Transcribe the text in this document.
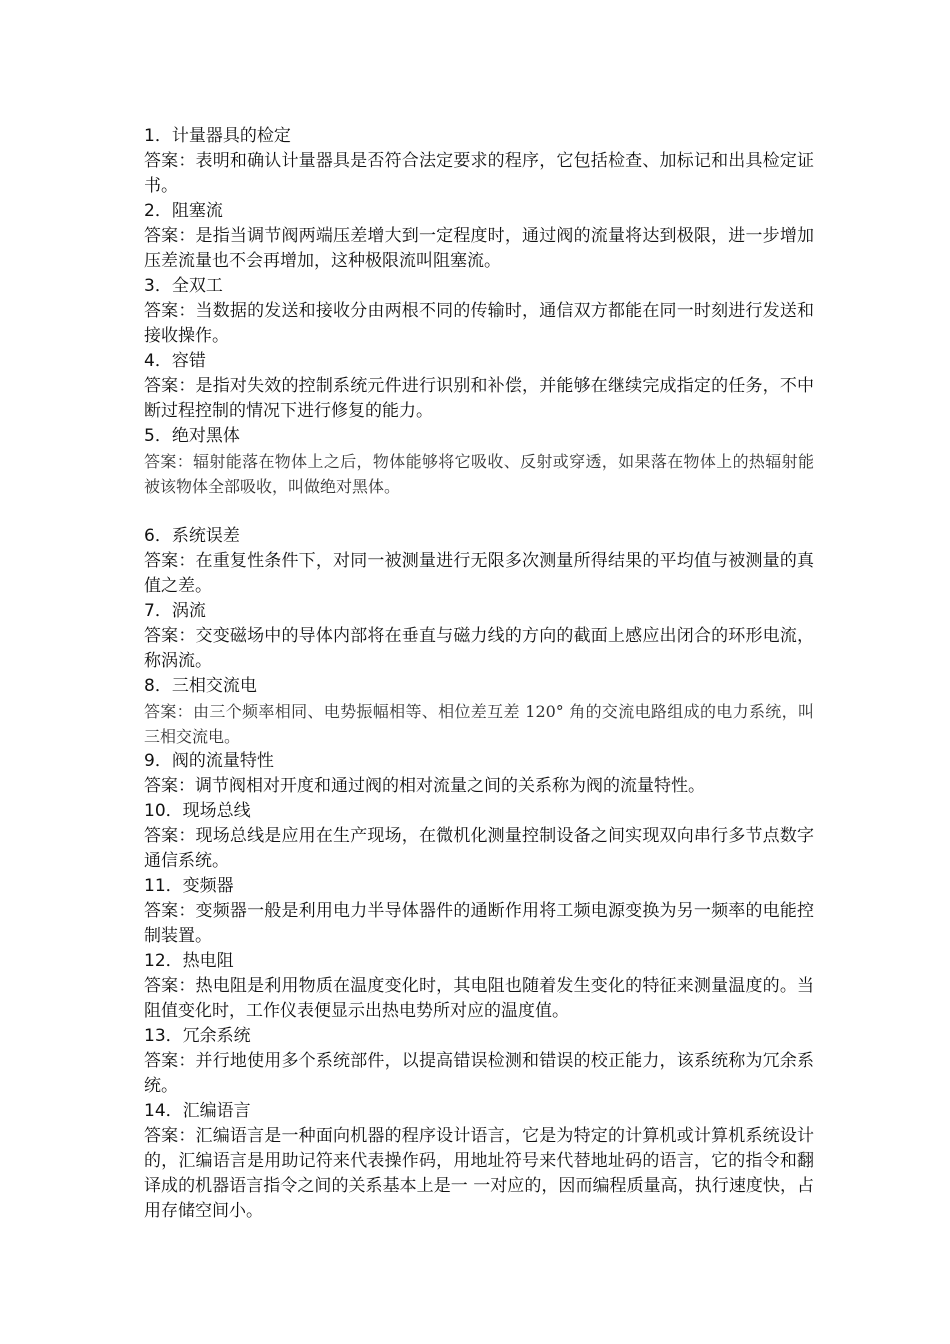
1．计量器具的检定
答案：表明和确认计量器具是否符合法定要求的程序，它包括检查、加标记和出具检定证书。
2．阻塞流
答案：是指当调节阀两端压差增大到一定程度时，通过阀的流量将达到极限，进一步增加压差流量也不会再增加，这种极限流叫阻塞流。
3．全双工
答案：当数据的发送和接收分由两根不同的传输时，通信双方都能在同一时刻进行发送和接收操作。
4．容错
答案：是指对失效的控制系统元件进行识别和补偿，并能够在继续完成指定的任务，不中断过程控制的情况下进行修复的能力。
5．绝对黑体
答案：辐射能落在物体上之后，物体能够将它吸收、反射或穿透，如果落在物体上的热辐射能被该物体全部吸收，叫做绝对黑体。
6．系统误差
答案：在重复性条件下，对同一被测量进行无限多次测量所得结果的平均值与被测量的真值之差。
7．涡流
答案：交变磁场中的导体内部将在垂直与磁力线的方向的截面上感应出闭合的环形电流，称涡流。
8．三相交流电
答案：由三个频率相同、电势振幅相等、相位差互差 120° 角的交流电路组成的电力系统，叫三相交流电。
9．阀的流量特性
答案：调节阀相对开度和通过阀的相对流量之间的关系称为阀的流量特性。
10．现场总线
答案：现场总线是应用在生产现场，在微机化测量控制设备之间实现双向串行多节点数字通信系统。
11．变频器
答案：变频器一般是利用电力半导体器件的通断作用将工频电源变换为另一频率的电能控制装置。
12．热电阻
答案：热电阻是利用物质在温度变化时，其电阻也随着发生变化的特征来测量温度的。当阻值变化时，工作仪表便显示出热电势所对应的温度值。
13．冗余系统
答案：并行地使用多个系统部件，以提高错误检测和错误的校正能力，该系统称为冗余系统。
14．汇编语言
答案：汇编语言是一种面向机器的程序设计语言，它是为特定的计算机或计算机系统设计的，汇编语言是用助记符来代表操作码，用地址符号来代替地址码的语言，它的指令和翻译成的机器语言指令之间的关系基本上是一 一对应的，因而编程质量高，执行速度快，占用存储空间小。
